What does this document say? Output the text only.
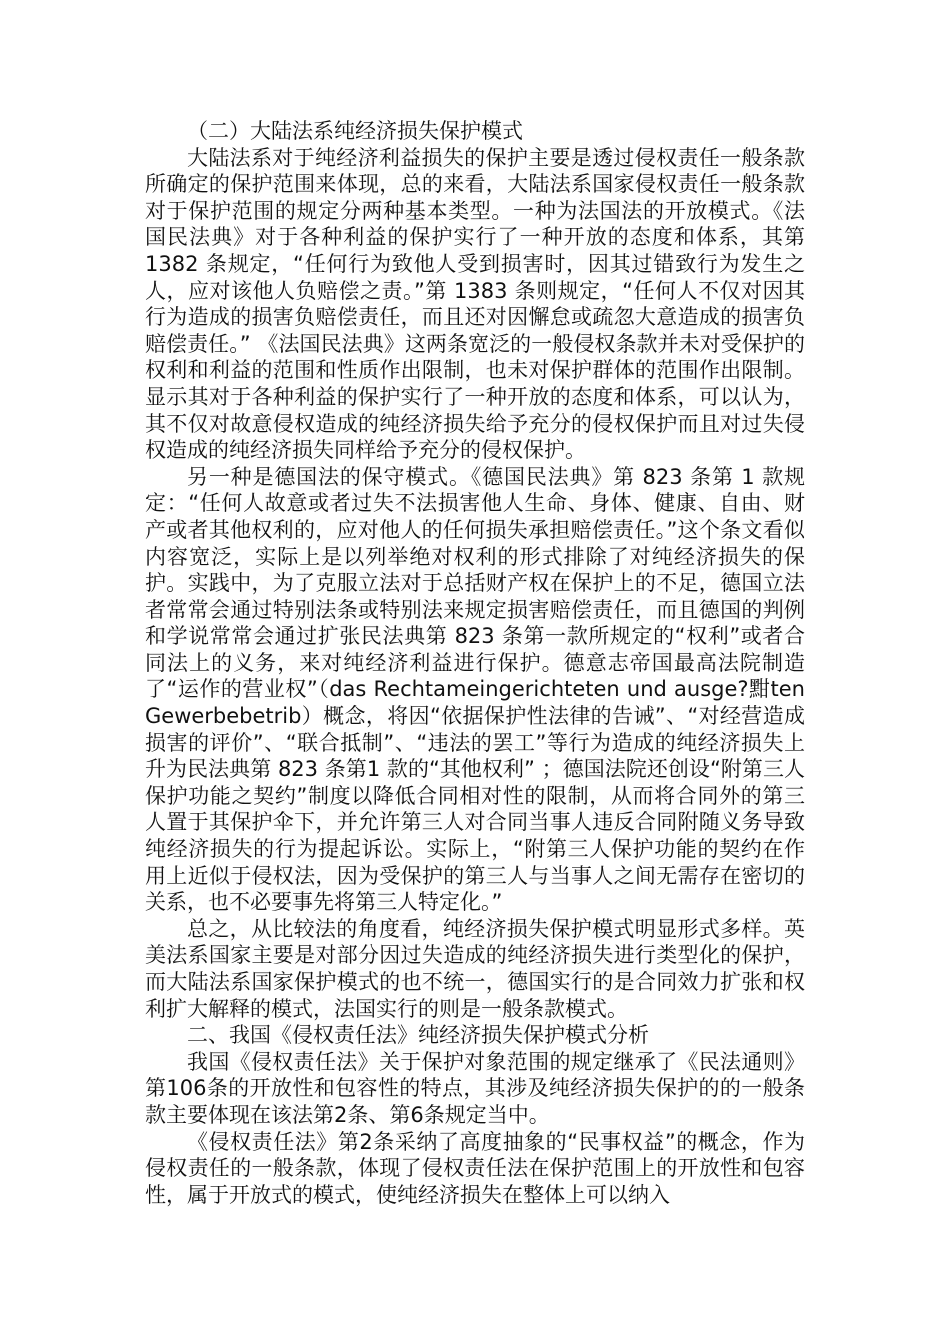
（二）大陆法系纯经济损失保护模式

大陆法系对于纯经济利益损失的保护主要是透过侵权责任一般条款所确定的保护范围来体现，总的来看，大陆法系国家侵权责任一般条款对于保护范围的规定分两种基本类型。一种为法国法的开放模式。《法国民法典》对于各种利益的保护实行了一种开放的态度和体系，其第1382 条规定，“任何行为致他人受到损害时，因其过错致行为发生之人，应对该他人负赔偿之责。”第 1383 条则规定，“任何人不仅对因其行为造成的损害负赔偿责任，而且还对因懈怠或疏忽大意造成的损害负赔偿责任。” 《法国民法典》这两条宽泛的一般侵权条款并未对受保护的权利和利益的范围和性质作出限制，也未对保护群体的范围作出限制。显示其对于各种利益的保护实行了一种开放的态度和体系，可以认为，其不仅对故意侵权造成的纯经济损失给予充分的侵权保护而且对过失侵权造成的纯经济损失同样给予充分的侵权保护。

另一种是德国法的保守模式。《德国民法典》第 823 条第 1 款规定：“任何人故意或者过失不法损害他人生命、身体、健康、自由、财产或者其他权利的，应对他人的任何损失承担赔偿责任。”这个条文看似内容宽泛，实际上是以列举绝对权利的形式排除了对纯经济损失的保护。实践中，为了克服立法对于总括财产权在保护上的不足，德国立法者常常会通过特别法条或特别法来规定损害赔偿责任，而且德国的判例和学说常常会通过扩张民法典第 823 条第一款所规定的“权利”或者合同法上的义务，来对纯经济利益进行保护。德意志帝国最高法院制造了“运作的营业权”（das Rechtameingerichteten und ausge?黚ten Gewerbebetrib）概念，将因“依据保护性法律的告诫”、“对经营造成损害的评价”、“联合抵制”、“违法的罢工”等行为造成的纯经济损失上升为民法典第 823 条第1 款的“其他权利” ；德国法院还创设“附第三人保护功能之契约”制度以降低合同相对性的限制，从而将合同外的第三人置于其保护伞下，并允许第三人对合同当事人违反合同附随义务导致纯经济损失的行为提起诉讼。实际上，“附第三人保护功能的契约在作用上近似于侵权法，因为受保护的第三人与当事人之间无需存在密切的关系，也不必要事先将第三人特定化。”

总之，从比较法的角度看，纯经济损失保护模式明显形式多样。英美法系国家主要是对部分因过失造成的纯经济损失进行类型化的保护，而大陆法系国家保护模式的也不统一，德国实行的是合同效力扩张和权利扩大解释的模式，法国实行的则是一般条款模式。

二、我国《侵权责任法》纯经济损失保护模式分析

我国《侵权责任法》关于保护对象范围的规定继承了《民法通则》第106条的开放性和包容性的特点，其涉及纯经济损失保护的的一般条款主要体现在该法第2条、第6条规定当中。

《侵权责任法》第2条采纳了高度抽象的“民事权益”的概念，作为侵权责任的一般条款，体现了侵权责任法在保护范围上的开放性和包容性，属于开放式的模式，使纯经济损失在整体上可以纳入
